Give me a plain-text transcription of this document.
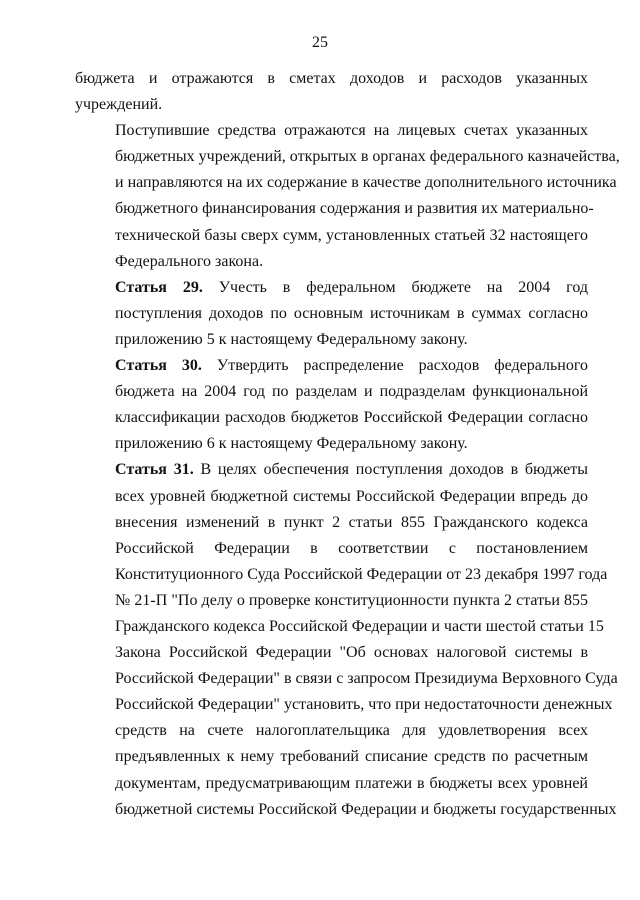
25

бюджета и отражаются в сметах доходов и расходов указанных
учреждений.

Поступившие средства отражаются на лицевых счетах указанных
бюджетных учреждений, открытых в органах федерального казначейства,
и направляются на их содержание в качестве дополнительного источника
бюджетного финансирования содержания и развития их материально-
технической базы сверх сумм, установленных статьей 32 настоящего
Федерального закона.

Статья 29. Учесть в федеральном бюджете на 2004 год
поступления доходов по основным источникам в суммах согласно
приложению 5 к настоящему Федеральному закону.

Статья 30. Утвердить распределение расходов федерального
бюджета на 2004 год по разделам и подразделам функциональной
классификации расходов бюджетов Российской Федерации согласно
приложению 6 к настоящему Федеральному закону.

Статья 31. В целях обеспечения поступления доходов в бюджеты
всех уровней бюджетной системы Российской Федерации впредь до
внесения изменений в пункт 2 статьи 855 Гражданского кодекса
Российской Федерации в соответствии с постановлением
Конституционного Суда Российской Федерации от 23 декабря 1997 года
№ 21-П "По делу о проверке конституционности пункта 2 статьи 855
Гражданского кодекса Российской Федерации и части шестой статьи 15
Закона Российской Федерации "Об основах налоговой системы в
Российской Федерации" в связи с запросом Президиума Верховного Суда
Российской Федерации" установить, что при недостаточности денежных
средств на счете налогоплательщика для удовлетворения всех
предъявленных к нему требований списание средств по расчетным
документам, предусматривающим платежи в бюджеты всех уровней
бюджетной системы Российской Федерации и бюджеты государственных
